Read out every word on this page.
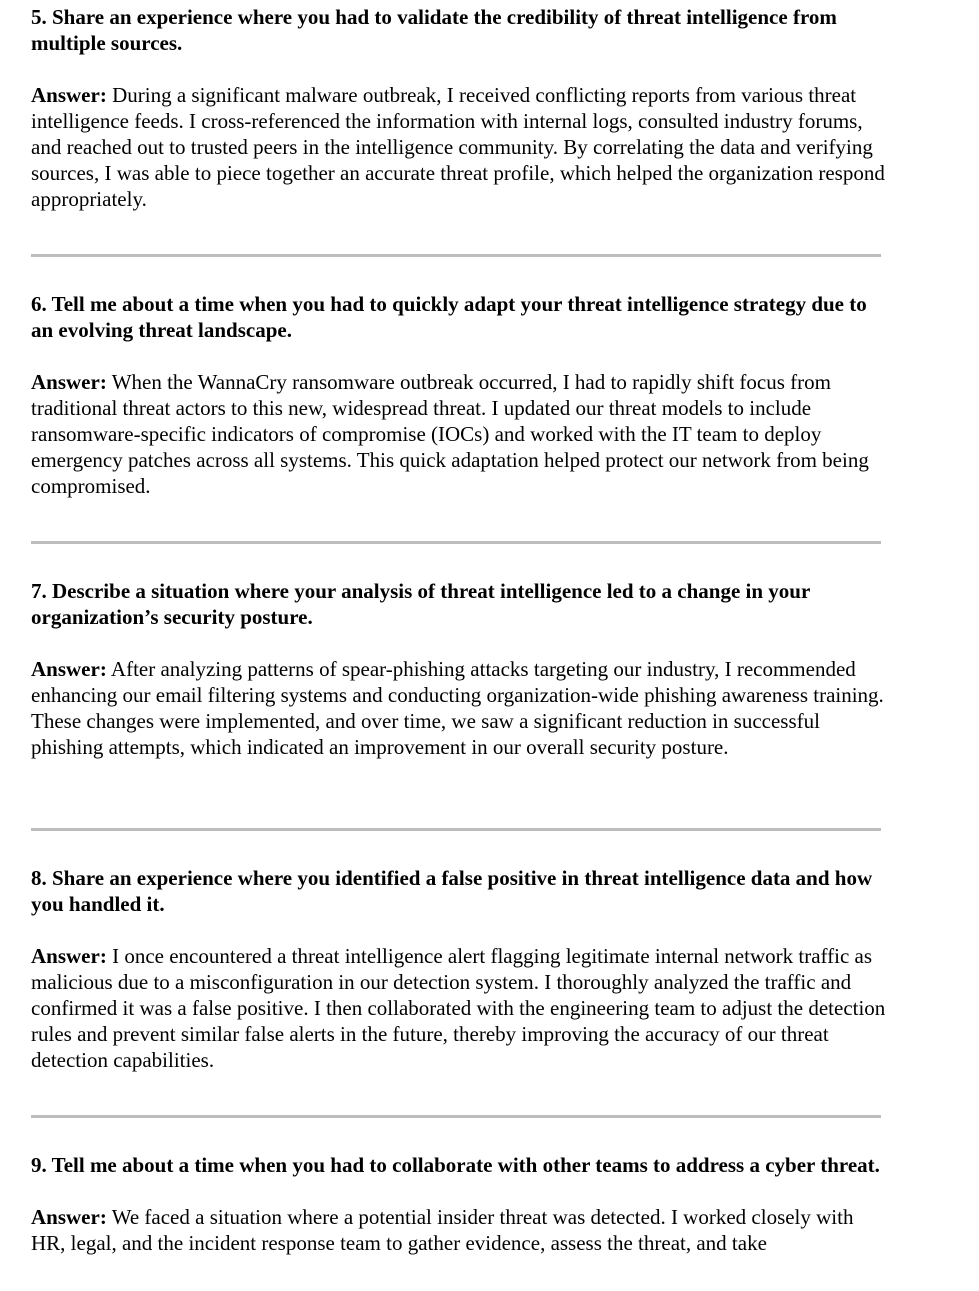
5. Share an experience where you had to validate the credibility of threat intelligence from multiple sources.

Answer: During a significant malware outbreak, I received conflicting reports from various threat intelligence feeds. I cross-referenced the information with internal logs, consulted industry forums, and reached out to trusted peers in the intelligence community. By correlating the data and verifying sources, I was able to piece together an accurate threat profile, which helped the organization respond appropriately.

6. Tell me about a time when you had to quickly adapt your threat intelligence strategy due to an evolving threat landscape.

Answer: When the WannaCry ransomware outbreak occurred, I had to rapidly shift focus from traditional threat actors to this new, widespread threat. I updated our threat models to include ransomware-specific indicators of compromise (IOCs) and worked with the IT team to deploy emergency patches across all systems. This quick adaptation helped protect our network from being compromised.

7. Describe a situation where your analysis of threat intelligence led to a change in your organization’s security posture.

Answer: After analyzing patterns of spear-phishing attacks targeting our industry, I recommended enhancing our email filtering systems and conducting organization-wide phishing awareness training. These changes were implemented, and over time, we saw a significant reduction in successful phishing attempts, which indicated an improvement in our overall security posture.

8. Share an experience where you identified a false positive in threat intelligence data and how you handled it.

Answer: I once encountered a threat intelligence alert flagging legitimate internal network traffic as malicious due to a misconfiguration in our detection system. I thoroughly analyzed the traffic and confirmed it was a false positive. I then collaborated with the engineering team to adjust the detection rules and prevent similar false alerts in the future, thereby improving the accuracy of our threat detection capabilities.

9. Tell me about a time when you had to collaborate with other teams to address a cyber threat.

Answer: We faced a situation where a potential insider threat was detected. I worked closely with HR, legal, and the incident response team to gather evidence, assess the threat, and take
